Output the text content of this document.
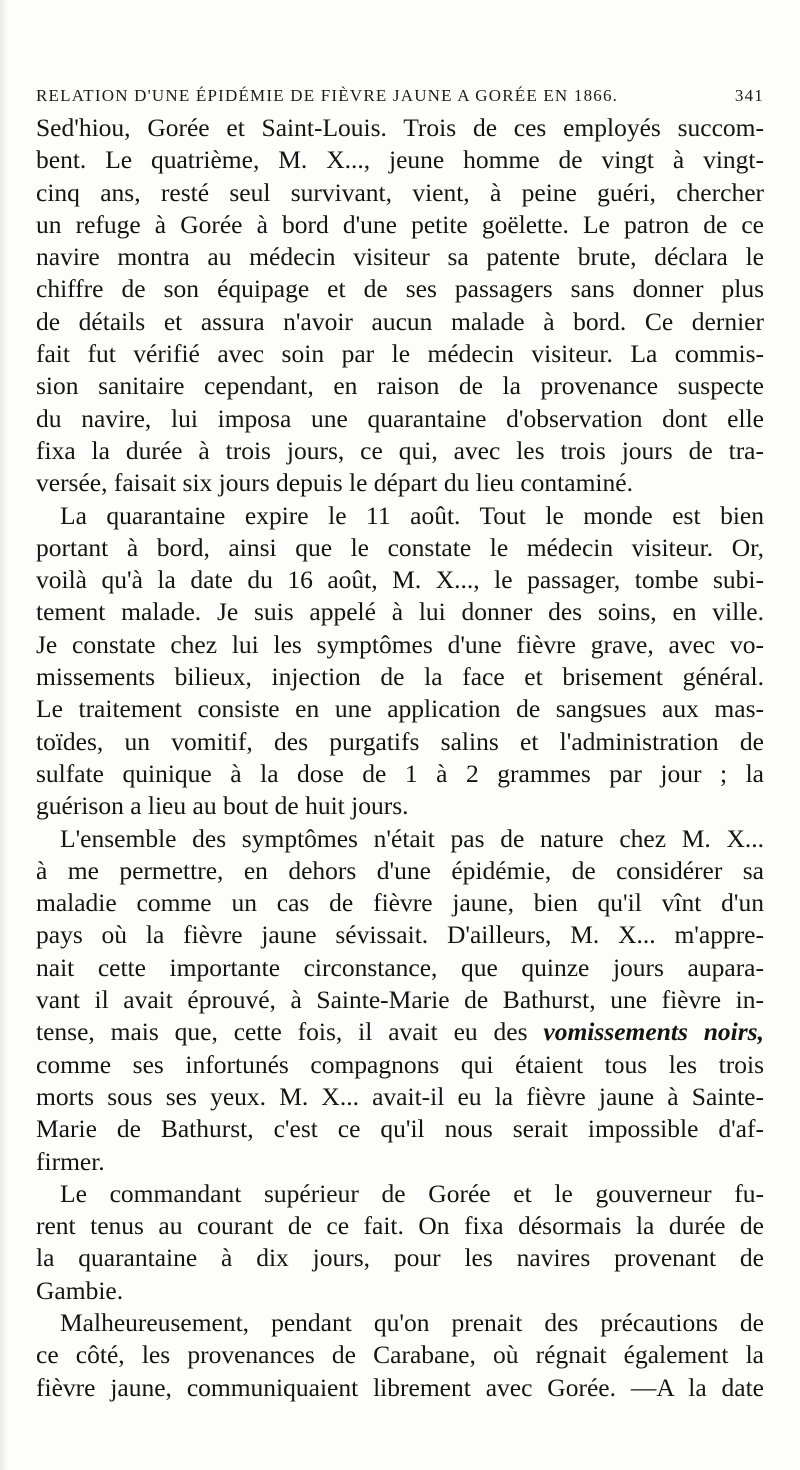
RELATION D'UNE ÉPIDÉMIE DE FIÈVRE JAUNE A GORÉE EN 1866.	341
Sed'hiou, Gorée et Saint-Louis. Trois de ces employés succom-
bent. Le quatrième, M. X..., jeune homme de vingt à vingt-
cinq ans, resté seul survivant, vient, à peine guéri, chercher
un refuge à Gorée à bord d'une petite goëlette. Le patron de ce
navire montra au médecin visiteur sa patente brute, déclara le
chiffre de son équipage et de ses passagers sans donner plus
de détails et assura n'avoir aucun malade à bord. Ce dernier
fait fut vérifié avec soin par le médecin visiteur. La commis-
sion sanitaire cependant, en raison de la provenance suspecte
du navire, lui imposa une quarantaine d'observation dont elle
fixa la durée à trois jours, ce qui, avec les trois jours de tra-
versée, faisait six jours depuis le départ du lieu contaminé.
La quarantaine expire le 11 août. Tout le monde est bien
portant à bord, ainsi que le constate le médecin visiteur. Or,
voilà qu'à la date du 16 août, M. X..., le passager, tombe subi-
tement malade. Je suis appelé à lui donner des soins, en ville.
Je constate chez lui les symptômes d'une fièvre grave, avec vo-
missements bilieux, injection de la face et brisement général.
Le traitement consiste en une application de sangsues aux mas-
toïdes, un vomitif, des purgatifs salins et l'administration de
sulfate quinique à la dose de 1 à 2 grammes par jour ; la
guérison a lieu au bout de huit jours.
L'ensemble des symptômes n'était pas de nature chez M. X...
à me permettre, en dehors d'une épidémie, de considérer sa
maladie comme un cas de fièvre jaune, bien qu'il vînt d'un
pays où la fièvre jaune sévissait. D'ailleurs, M. X... m'appre-
nait cette importante circonstance, que quinze jours aupara-
vant il avait éprouvé, à Sainte-Marie de Bathurst, une fièvre in-
tense, mais que, cette fois, il avait eu des vomissements noirs,
comme ses infortunés compagnons qui étaient tous les trois
morts sous ses yeux. M. X... avait-il eu la fièvre jaune à Sainte-
Marie de Bathurst, c'est ce qu'il nous serait impossible d'af-
firmer.
Le commandant supérieur de Gorée et le gouverneur fu-
rent tenus au courant de ce fait. On fixa désormais la durée de
la quarantaine à dix jours, pour les navires provenant de
Gambie.
Malheureusement, pendant qu'on prenait des précautions de
ce côté, les provenances de Carabane, où régnait également la
fièvre jaune, communiquaient librement avec Gorée. —A la date
